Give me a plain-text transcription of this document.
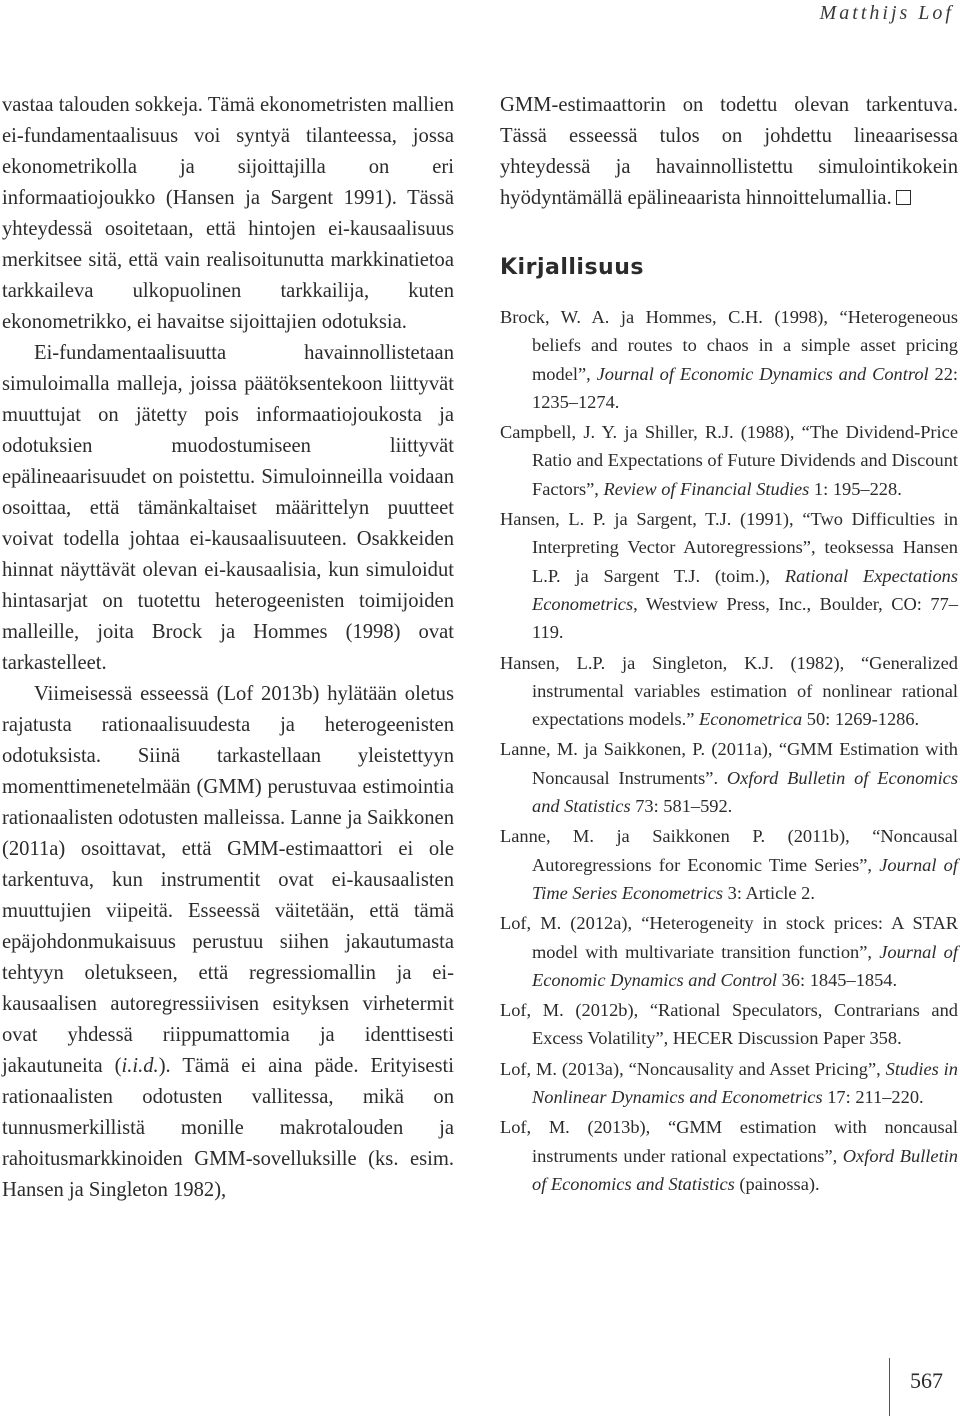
Matthijs Lof

vastaa talouden sokkeja. Tämä ekonometristen mallien ei-fundamentaalisuus voi syntyä tilanteessa, jossa ekonometrikolla ja sijoittajilla on eri informaatiojoukko (Hansen ja Sargent 1991). Tässä yhteydessä osoitetaan, että hintojen ei-kausaalisuus merkitsee sitä, että vain realisoitunutta markkinatietoa tarkkaileva ulkopuolinen tarkkailija, kuten ekonometrikko, ei havaitse sijoittajien odotuksia.

Ei-fundamentaalisuutta havainnollistetaan simuloimalla malleja, joissa päätöksentekoon liittyvät muuttujat on jätetty pois informaatiojoukosta ja odotuksien muodostumiseen liittyvät epälineaarisuudet on poistettu. Simuloinneilla voidaan osoittaa, että tämänkaltaiset määrittelyn puutteet voivat todella johtaa ei-kausaalisuuteen. Osakkeiden hinnat näyttävät olevan ei-kausaalisia, kun simuloidut hintasarjat on tuotettu heterogeenisten toimijoiden malleille, joita Brock ja Hommes (1998) ovat tarkastelleet.

Viimeisessä esseessä (Lof 2013b) hylätään oletus rajatusta rationaalisuudesta ja heterogeenisten odotuksista. Siinä tarkastellaan yleistettyyn momenttimenetelmään (GMM) perustuvaa estimointia rationaalisten odotusten malleissa. Lanne ja Saikkonen (2011a) osoittavat, että GMM-estimaattori ei ole tarkentuva, kun instrumentit ovat ei-kausaalisten muuttujien viipeitä. Esseessä väitetään, että tämä epäjohdonmukaisuus perustuu siihen jakautumasta tehtyyn oletukseen, että regressiomallin ja ei-kausaalisen autoregressiivisen esityksen virhetermit ovat yhdessä riippumattomia ja identtisesti jakautuneita (i.i.d.). Tämä ei aina päde. Erityisesti rationaalisten odotusten vallitessa, mikä on tunnusmerkillistä monille makrotalouden ja rahoitusmarkkinoiden GMM-sovelluksille (ks. esim. Hansen ja Singleton 1982),

GMM-estimaattorin on todettu olevan tarkentuva. Tässä esseessä tulos on johdettu lineaarisessa yhteydessä ja havainnollistettu simulointikokein hyödyntämällä epälineaarista hinnoittelumallia.

Kirjallisuus
Brock, W. A. ja Hommes, C.H. (1998), “Heterogeneous beliefs and routes to chaos in a simple asset pricing model”, Journal of Economic Dynamics and Control 22: 1235–1274.
Campbell, J. Y. ja Shiller, R.J. (1988), “The Dividend-Price Ratio and Expectations of Future Dividends and Discount Factors”, Review of Financial Studies 1: 195–228.
Hansen, L. P. ja Sargent, T.J. (1991), “Two Difficulties in Interpreting Vector Autoregressions”, teoksessa Hansen L.P. ja Sargent T.J. (toim.), Rational Expectations Econometrics, Westview Press, Inc., Boulder, CO: 77–119.
Hansen, L.P. ja Singleton, K.J. (1982), “Generalized instrumental variables estimation of nonlinear rational expectations models.” Econometrica 50: 1269-1286.
Lanne, M. ja Saikkonen, P. (2011a), “GMM Estimation with Noncausal Instruments”. Oxford Bulletin of Economics and Statistics 73: 581–592.
Lanne, M. ja Saikkonen P. (2011b), “Noncausal Autoregressions for Economic Time Series”, Journal of Time Series Econometrics 3: Article 2.
Lof, M. (2012a), “Heterogeneity in stock prices: A STAR model with multivariate transition function”, Journal of Economic Dynamics and Control 36: 1845–1854.
Lof, M. (2012b), “Rational Speculators, Contrarians and Excess Volatility”, HECER Discussion Paper 358.
Lof, M. (2013a), “Noncausality and Asset Pricing”, Studies in Nonlinear Dynamics and Econometrics 17: 211–220.
Lof, M. (2013b), “GMM estimation with noncausal instruments under rational expectations”, Oxford Bulletin of Economics and Statistics (painossa).
567
